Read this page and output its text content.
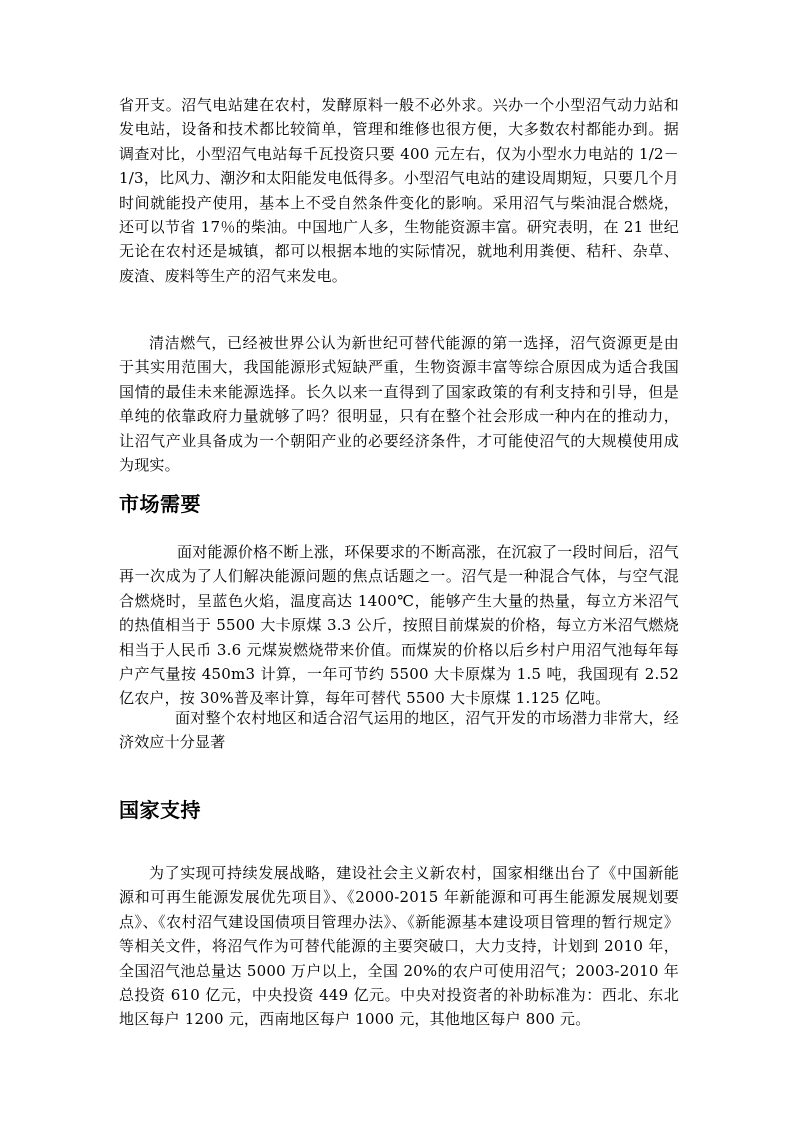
省开支。沼气电站建在农村，发酵原料一般不必外求。兴办一个小型沼气动力站和发电站，设备和技术都比较简单，管理和维修也很方便，大多数农村都能办到。据调查对比，小型沼气电站每千瓦投资只要 400 元左右，仅为小型水力电站的 1/2－1/3，比风力、潮汐和太阳能发电低得多。小型沼气电站的建设周期短，只要几个月时间就能投产使用，基本上不受自然条件变化的影响。采用沼气与柴油混合燃烧，还可以节省 17％的柴油。中国地广人多，生物能资源丰富。研究表明，在 21 世纪无论在农村还是城镇，都可以根据本地的实际情况，就地利用粪便、秸秆、杂草、废渣、废料等生产的沼气来发电。

清洁燃气，已经被世界公认为新世纪可替代能源的第一选择，沼气资源更是由于其实用范围大，我国能源形式短缺严重，生物资源丰富等综合原因成为适合我国国情的最佳未来能源选择。长久以来一直得到了国家政策的有利支持和引导，但是单纯的依靠政府力量就够了吗？很明显，只有在整个社会形成一种内在的推动力，让沼气产业具备成为一个朝阳产业的必要经济条件，才可能使沼气的大规模使用成为现实。

市场需要

面对能源价格不断上涨，环保要求的不断高涨，在沉寂了一段时间后，沼气再一次成为了人们解决能源问题的焦点话题之一。沼气是一种混合气体，与空气混合燃烧时，呈蓝色火焰，温度高达 1400℃，能够产生大量的热量，每立方米沼气的热值相当于 5500 大卡原煤 3.3 公斤，按照目前煤炭的价格，每立方米沼气燃烧相当于人民币 3.6 元煤炭燃烧带来价值。而煤炭的价格以后乡村户用沼气池每年每户产气量按 450m3 计算，一年可节约 5500 大卡原煤为 1.5 吨，我国现有 2.52 亿农户，按 30%普及率计算，每年可替代 5500 大卡原煤 1.125 亿吨。

面对整个农村地区和适合沼气运用的地区，沼气开发的市场潜力非常大，经济效应十分显著

国家支持

为了实现可持续发展战略，建设社会主义新农村，国家相继出台了《中国新能源和可再生能源发展优先项目》、《2000-2015 年新能源和可再生能源发展规划要点》、《农村沼气建设国债项目管理办法》、《新能源基本建设项目管理的暂行规定》等相关文件，将沼气作为可替代能源的主要突破口，大力支持，计划到 2010 年，全国沼气池总量达 5000 万户以上，全国 20%的农户可使用沼气；2003-2010 年总投资 610 亿元，中央投资 449 亿元。中央对投资者的补助标准为：西北、东北地区每户 1200 元，西南地区每户 1000 元，其他地区每户 800 元。
